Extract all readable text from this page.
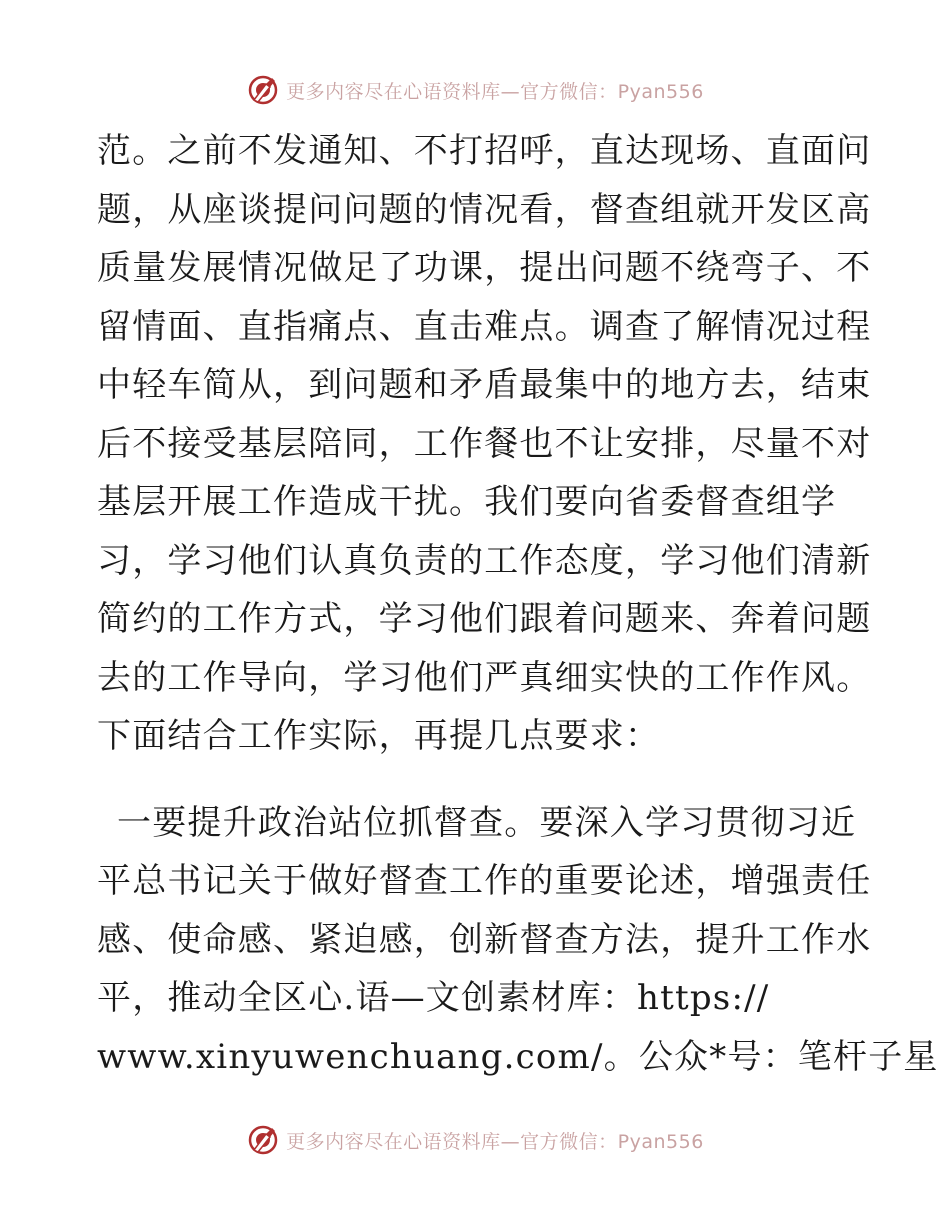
更多内容尽在心语资料库—官方微信：Pyan556
范。之前不发通知、不打招呼，直达现场、直面问
题，从座谈提问问题的情况看，督查组就开发区高
质量发展情况做足了功课，提出问题不绕弯子、不
留情面、直指痛点、直击难点。调查了解情况过程
中轻车简从，到问题和矛盾最集中的地方去，结束
后不接受基层陪同，工作餐也不让安排，尽量不对
基层开展工作造成干扰。我们要向省委督查组学
习，学习他们认真负责的工作态度，学习他们清新
简约的工作方式，学习他们跟着问题来、奔着问题
去的工作导向，学习他们严真细实快的工作作风。
下面结合工作实际，再提几点要求：
一要提升政治站位抓督查。要深入学习贯彻习近
平总书记关于做好督查工作的重要论述，增强责任
感、使命感、紧迫感，创新督查方法，提升工作水
平，推动全区心.语—文创素材库：https://
www.xinyuwenchuang.com/。公众*号：笔杆子星
更多内容尽在心语资料库—官方微信：Pyan556
